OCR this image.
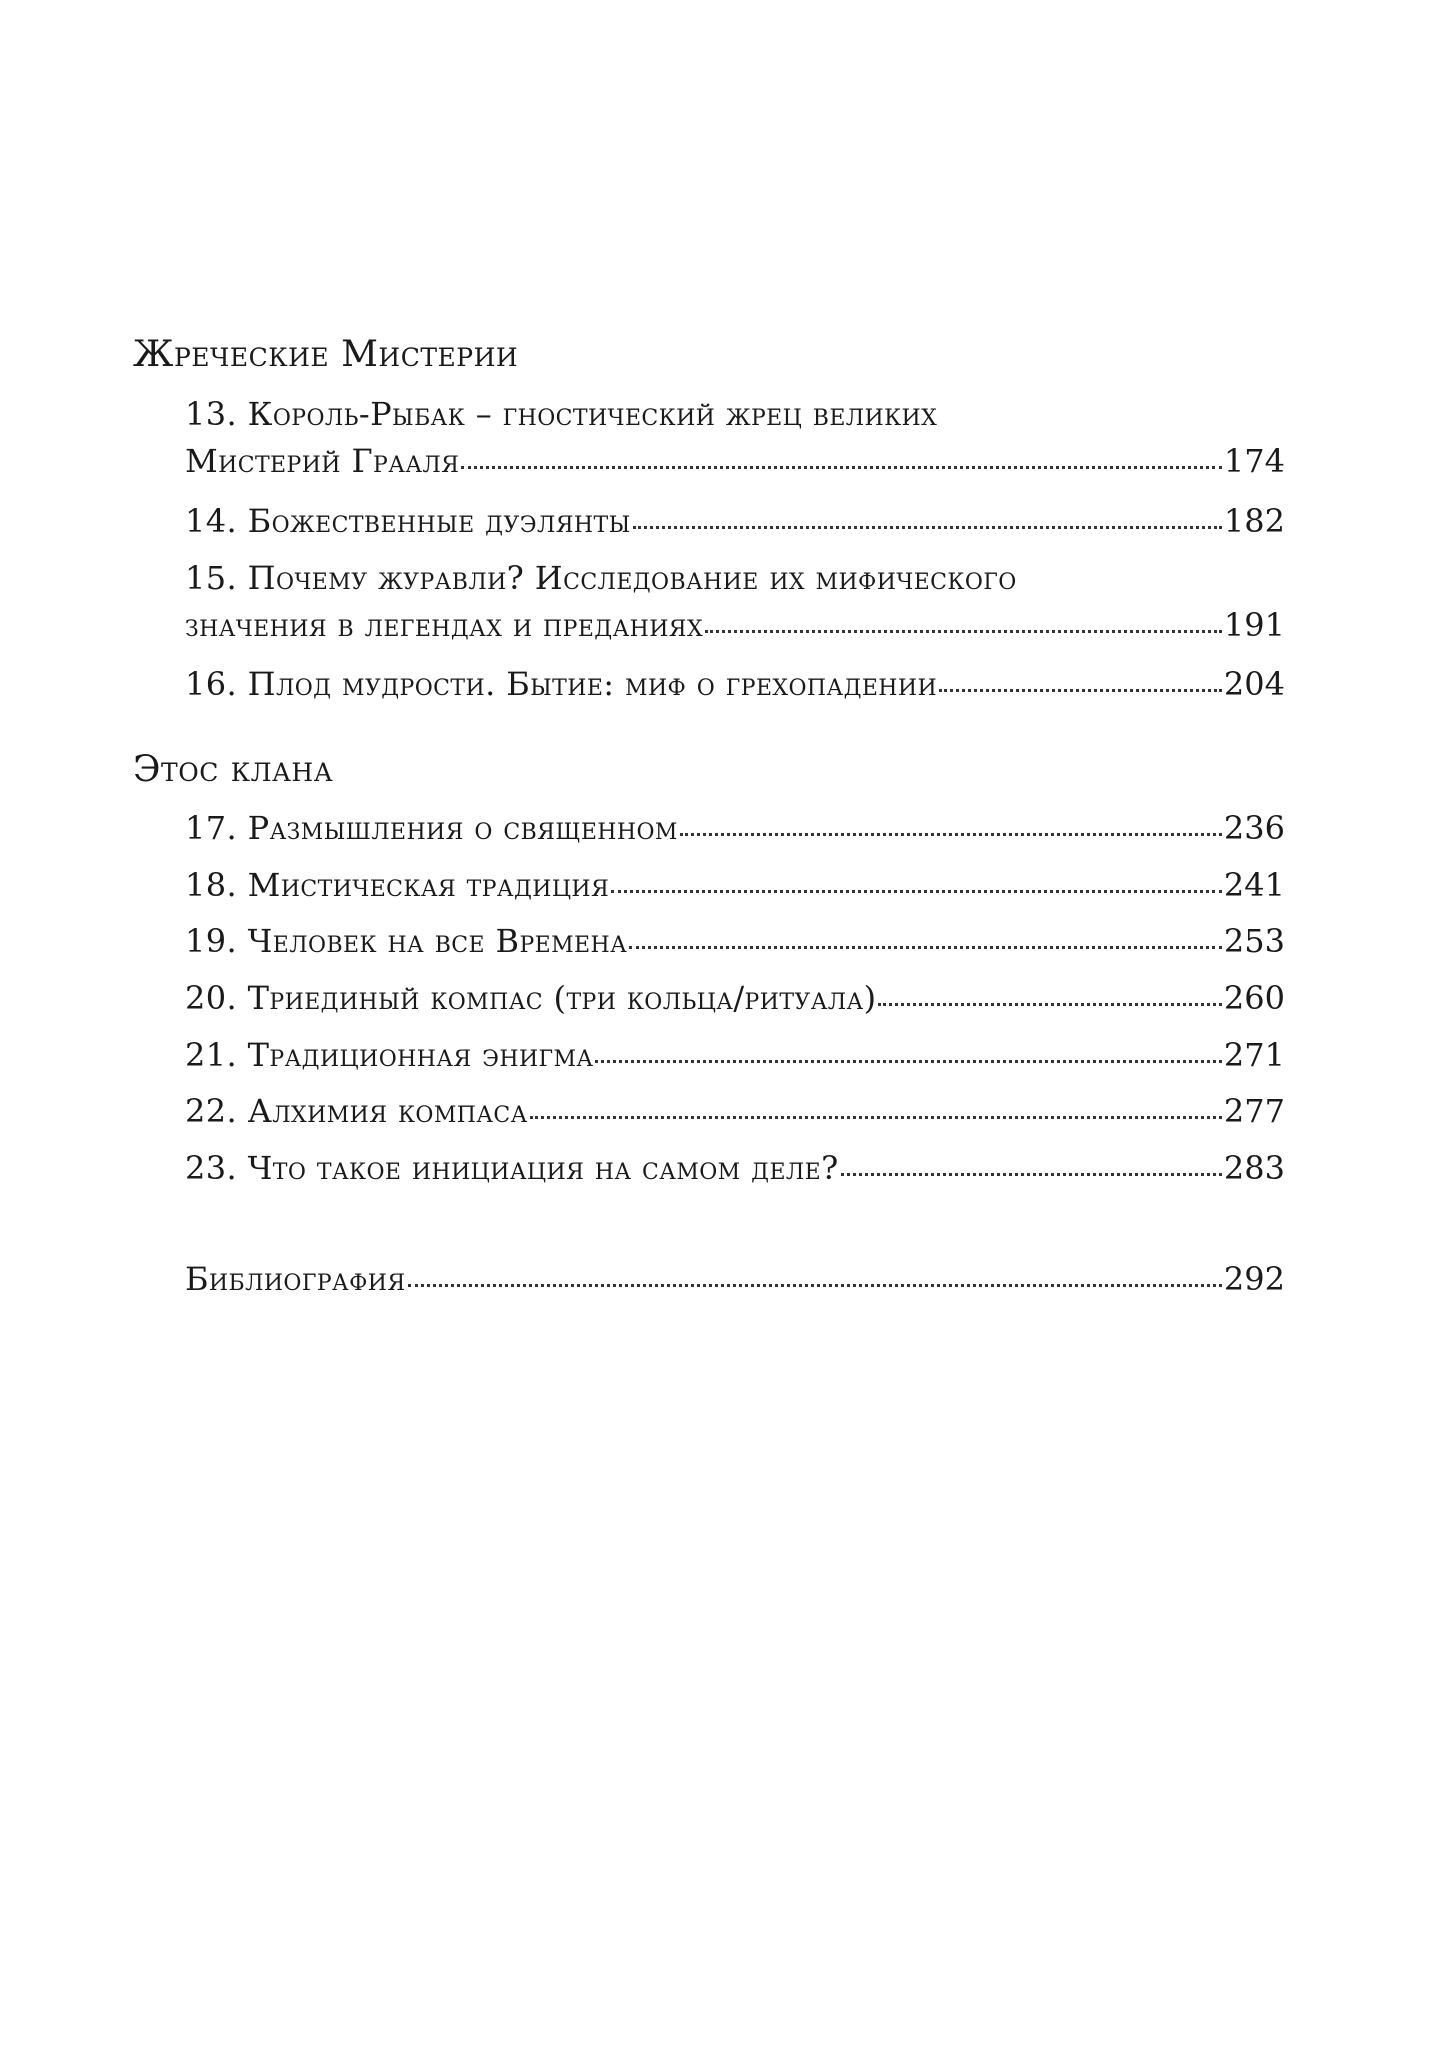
Жреческие Мистерии
13. Король-Рыбак – гностический жрец великих
Мистерий Грааля	174
14. Божественные дуэлянты	182
15. Почему журавли? Исследование их мифического
значения в легендах и преданиях	191
16. Плод мудрости. Бытие: миф о грехопадении	204
Этос клана
17. Размышления о священном	236
18. Мистическая традиция	241
19. Человек на все Времена	253
20. Триединый компас (три кольца/ритуала)	260
21. Традиционная энигма	271
22. Алхимия компаса	277
23. Что такое инициация на самом деле?	283
Библиография	292
